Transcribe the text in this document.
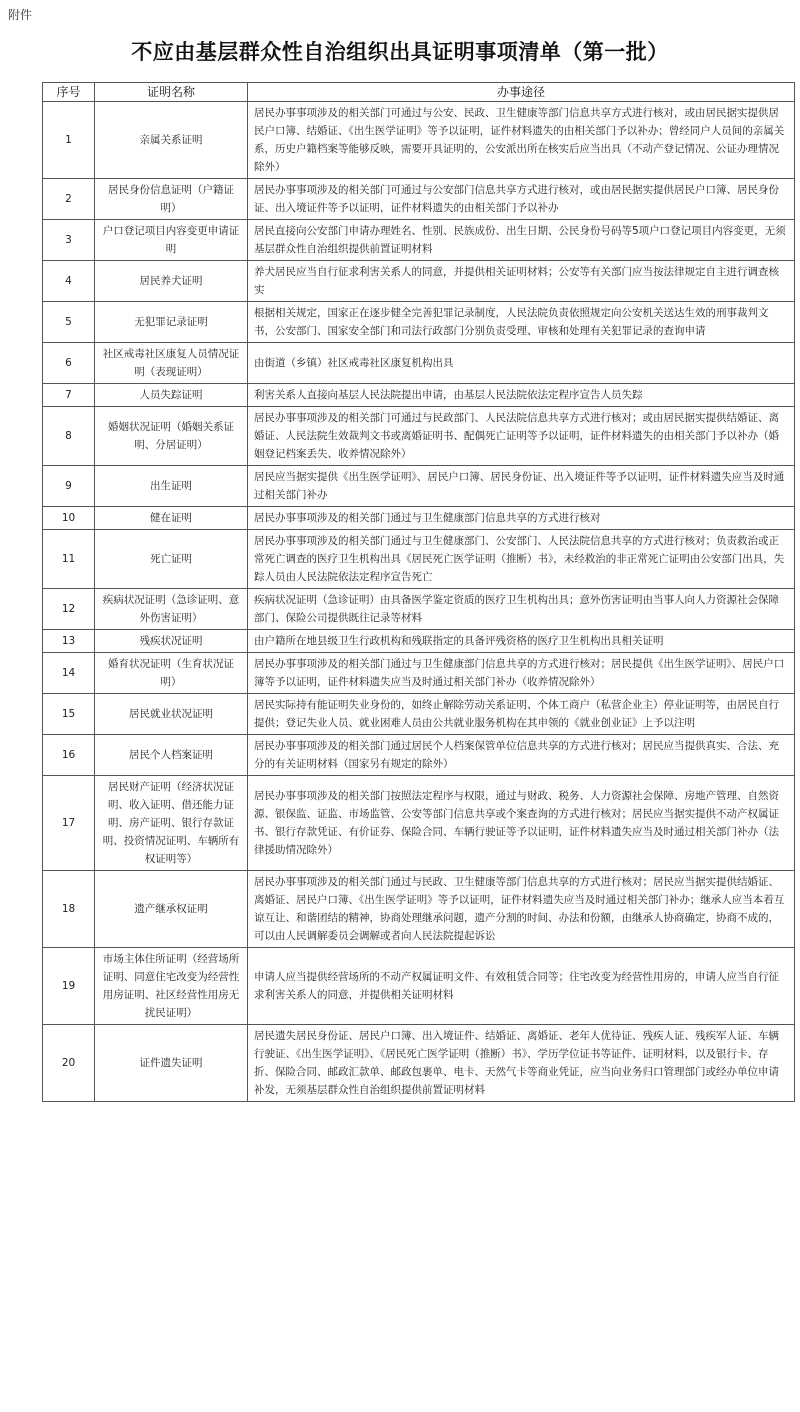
附件
不应由基层群众性自治组织出具证明事项清单（第一批）
序号	证明名称	办事途径
1	亲属关系证明	居民办事事项涉及的相关部门可通过与公安、民政、卫生健康等部门信息共享方式进行核对，或由居民据实提供居民户口簿、结婚证、《出生医学证明》等予以证明，证件材料遗失的由相关部门予以补办；曾经同户人员间的亲属关系，历史户籍档案等能够反映，需要开具证明的，公安派出所在核实后应当出具（不动产登记情况、公证办理情况除外）
2	居民身份信息证明（户籍证明）	居民办事事项涉及的相关部门可通过与公安部门信息共享方式进行核对，或由居民据实提供居民户口簿、居民身份证、出入境证件等予以证明，证件材料遗失的由相关部门予以补办
3	户口登记项目内容变更申请证明	居民直接向公安部门申请办理姓名、性别、民族成份、出生日期、公民身份号码等5项户口登记项目内容变更，无须基层群众性自治组织提供前置证明材料
4	居民养犬证明	养犬居民应当自行征求利害关系人的同意，并提供相关证明材料；公安等有关部门应当按法律规定自主进行调查核实
5	无犯罪记录证明	根据相关规定，国家正在逐步健全完善犯罪记录制度，人民法院负责依照规定向公安机关送达生效的刑事裁判文书，公安部门、国家安全部门和司法行政部门分别负责受理、审核和处理有关犯罪记录的查询申请
6	社区戒毒社区康复人员情况证明（表现证明）	由街道（乡镇）社区戒毒社区康复机构出具
7	人员失踪证明	利害关系人直接向基层人民法院提出申请，由基层人民法院依法定程序宣告人员失踪
8	婚姻状况证明（婚姻关系证明、分居证明）	居民办事事项涉及的相关部门可通过与民政部门、人民法院信息共享方式进行核对；或由居民据实提供结婚证、离婚证、人民法院生效裁判文书或离婚证明书、配偶死亡证明等予以证明，证件材料遗失的由相关部门予以补办（婚姻登记档案丢失、收养情况除外）
9	出生证明	居民应当据实提供《出生医学证明》、居民户口簿、居民身份证、出入境证件等予以证明，证件材料遗失应当及时通过相关部门补办
10	健在证明	居民办事事项涉及的相关部门通过与卫生健康部门信息共享的方式进行核对
11	死亡证明	居民办事事项涉及的相关部门通过与卫生健康部门、公安部门、人民法院信息共享的方式进行核对；负责救治或正常死亡调查的医疗卫生机构出具《居民死亡医学证明（推断）书》，未经救治的非正常死亡证明由公安部门出具，失踪人员由人民法院依法定程序宣告死亡
12	疾病状况证明（急诊证明、意外伤害证明）	疾病状况证明（急诊证明）由具备医学鉴定资质的医疗卫生机构出具；意外伤害证明由当事人向人力资源社会保障部门、保险公司提供既往记录等材料
13	残疾状况证明	由户籍所在地县级卫生行政机构和残联指定的具备评残资格的医疗卫生机构出具相关证明
14	婚育状况证明（生育状况证明）	居民办事事项涉及的相关部门通过与卫生健康部门信息共享的方式进行核对；居民提供《出生医学证明》、居民户口簿等予以证明，证件材料遗失应当及时通过相关部门补办（收养情况除外）
15	居民就业状况证明	居民实际持有能证明失业身份的，如终止解除劳动关系证明、个体工商户（私营企业主）停业证明等，由居民自行提供；登记失业人员、就业困难人员由公共就业服务机构在其申领的《就业创业证》上予以注明
16	居民个人档案证明	居民办事事项涉及的相关部门通过居民个人档案保管单位信息共享的方式进行核对；居民应当提供真实、合法、充分的有关证明材料（国家另有规定的除外）
17	居民财产证明（经济状况证明、收入证明、借还能力证明、房产证明、银行存款证明、投资情况证明、车辆所有权证明等）	居民办事事项涉及的相关部门按照法定程序与权限，通过与财政、税务、人力资源社会保障、房地产管理、自然资源、银保监、证监、市场监管、公安等部门信息共享或个案查询的方式进行核对；居民应当据实提供不动产权属证书、银行存款凭证、有价证券、保险合同、车辆行驶证等予以证明，证件材料遗失应当及时通过相关部门补办（法律援助情况除外）
18	遗产继承权证明	居民办事事项涉及的相关部门通过与民政、卫生健康等部门信息共享的方式进行核对；居民应当据实提供结婚证、离婚证、居民户口簿、《出生医学证明》等予以证明，证件材料遗失应当及时通过相关部门补办；继承人应当本着互谅互让、和谐团结的精神，协商处理继承问题，遗产分割的时间、办法和份额，由继承人协商确定，协商不成的，可以由人民调解委员会调解或者向人民法院提起诉讼
19	市场主体住所证明（经营场所证明、同意住宅改变为经营性用房证明、社区经营性用房无扰民证明）	申请人应当提供经营场所的不动产权属证明文件、有效租赁合同等；住宅改变为经营性用房的，申请人应当自行征求利害关系人的同意，并提供相关证明材料
20	证件遗失证明	居民遗失居民身份证、居民户口簿、出入境证件、结婚证、离婚证、老年人优待证、残疾人证、残疾军人证、车辆行驶证、《出生医学证明》、《居民死亡医学证明（推断）书》、学历学位证书等证件、证明材料，以及银行卡、存折、保险合同、邮政汇款单、邮政包裹单、电卡、天然气卡等商业凭证，应当向业务归口管理部门或经办单位申请补发，无须基层群众性自治组织提供前置证明材料
